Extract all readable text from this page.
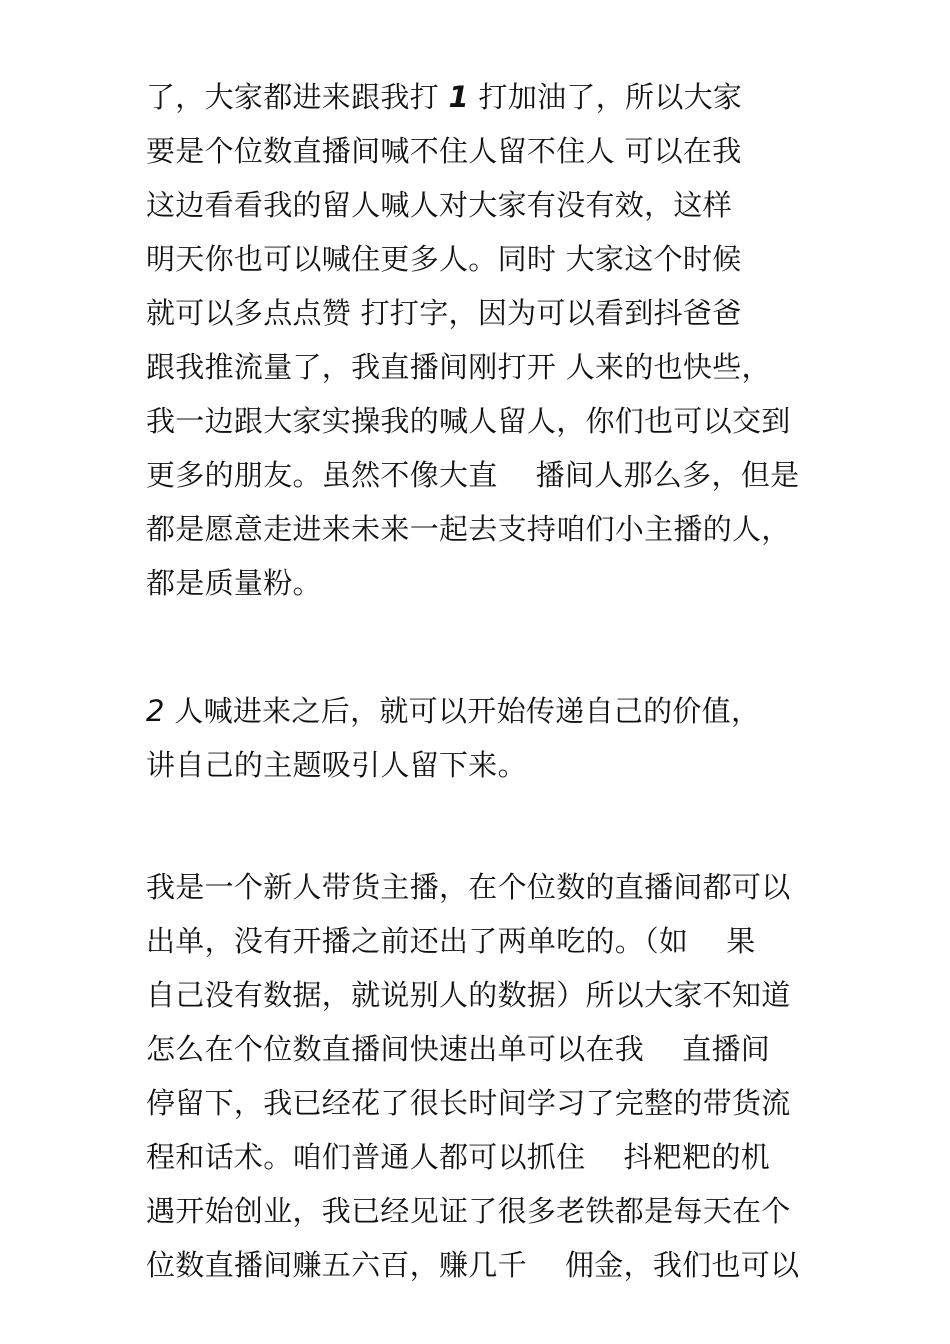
了，大家都进来跟我打 1 打加油了，所以大家
要是个位数直播间喊不住人留不住人 可以在我
这边看看我的留人喊人对大家有没有效，这样
明天你也可以喊住更多人。同时 大家这个时候
就可以多点点赞 打打字，因为可以看到抖爸爸
跟我推流量了，我直播间刚打开 人来的也快些，
我一边跟大家实操我的喊人留人，你们也可以交到
更多的朋友。虽然不像大直    播间人那么多，但是
都是愿意走进来未来一起去支持咱们小主播的人，
都是质量粉。
2 人喊进来之后，就可以开始传递自己的价值，
讲自己的主题吸引人留下来。
我是一个新人带货主播，在个位数的直播间都可以
出单，没有开播之前还出了两单吃的。（如    果
自己没有数据，就说别人的数据）所以大家不知道
怎么在个位数直播间快速出单可以在我    直播间
停留下，我已经花了很长时间学习了完整的带货流
程和话术。咱们普通人都可以抓住    抖粑粑的机
遇开始创业，我已经见证了很多老铁都是每天在个
位数直播间赚五六百，赚几千    佣金，我们也可以
